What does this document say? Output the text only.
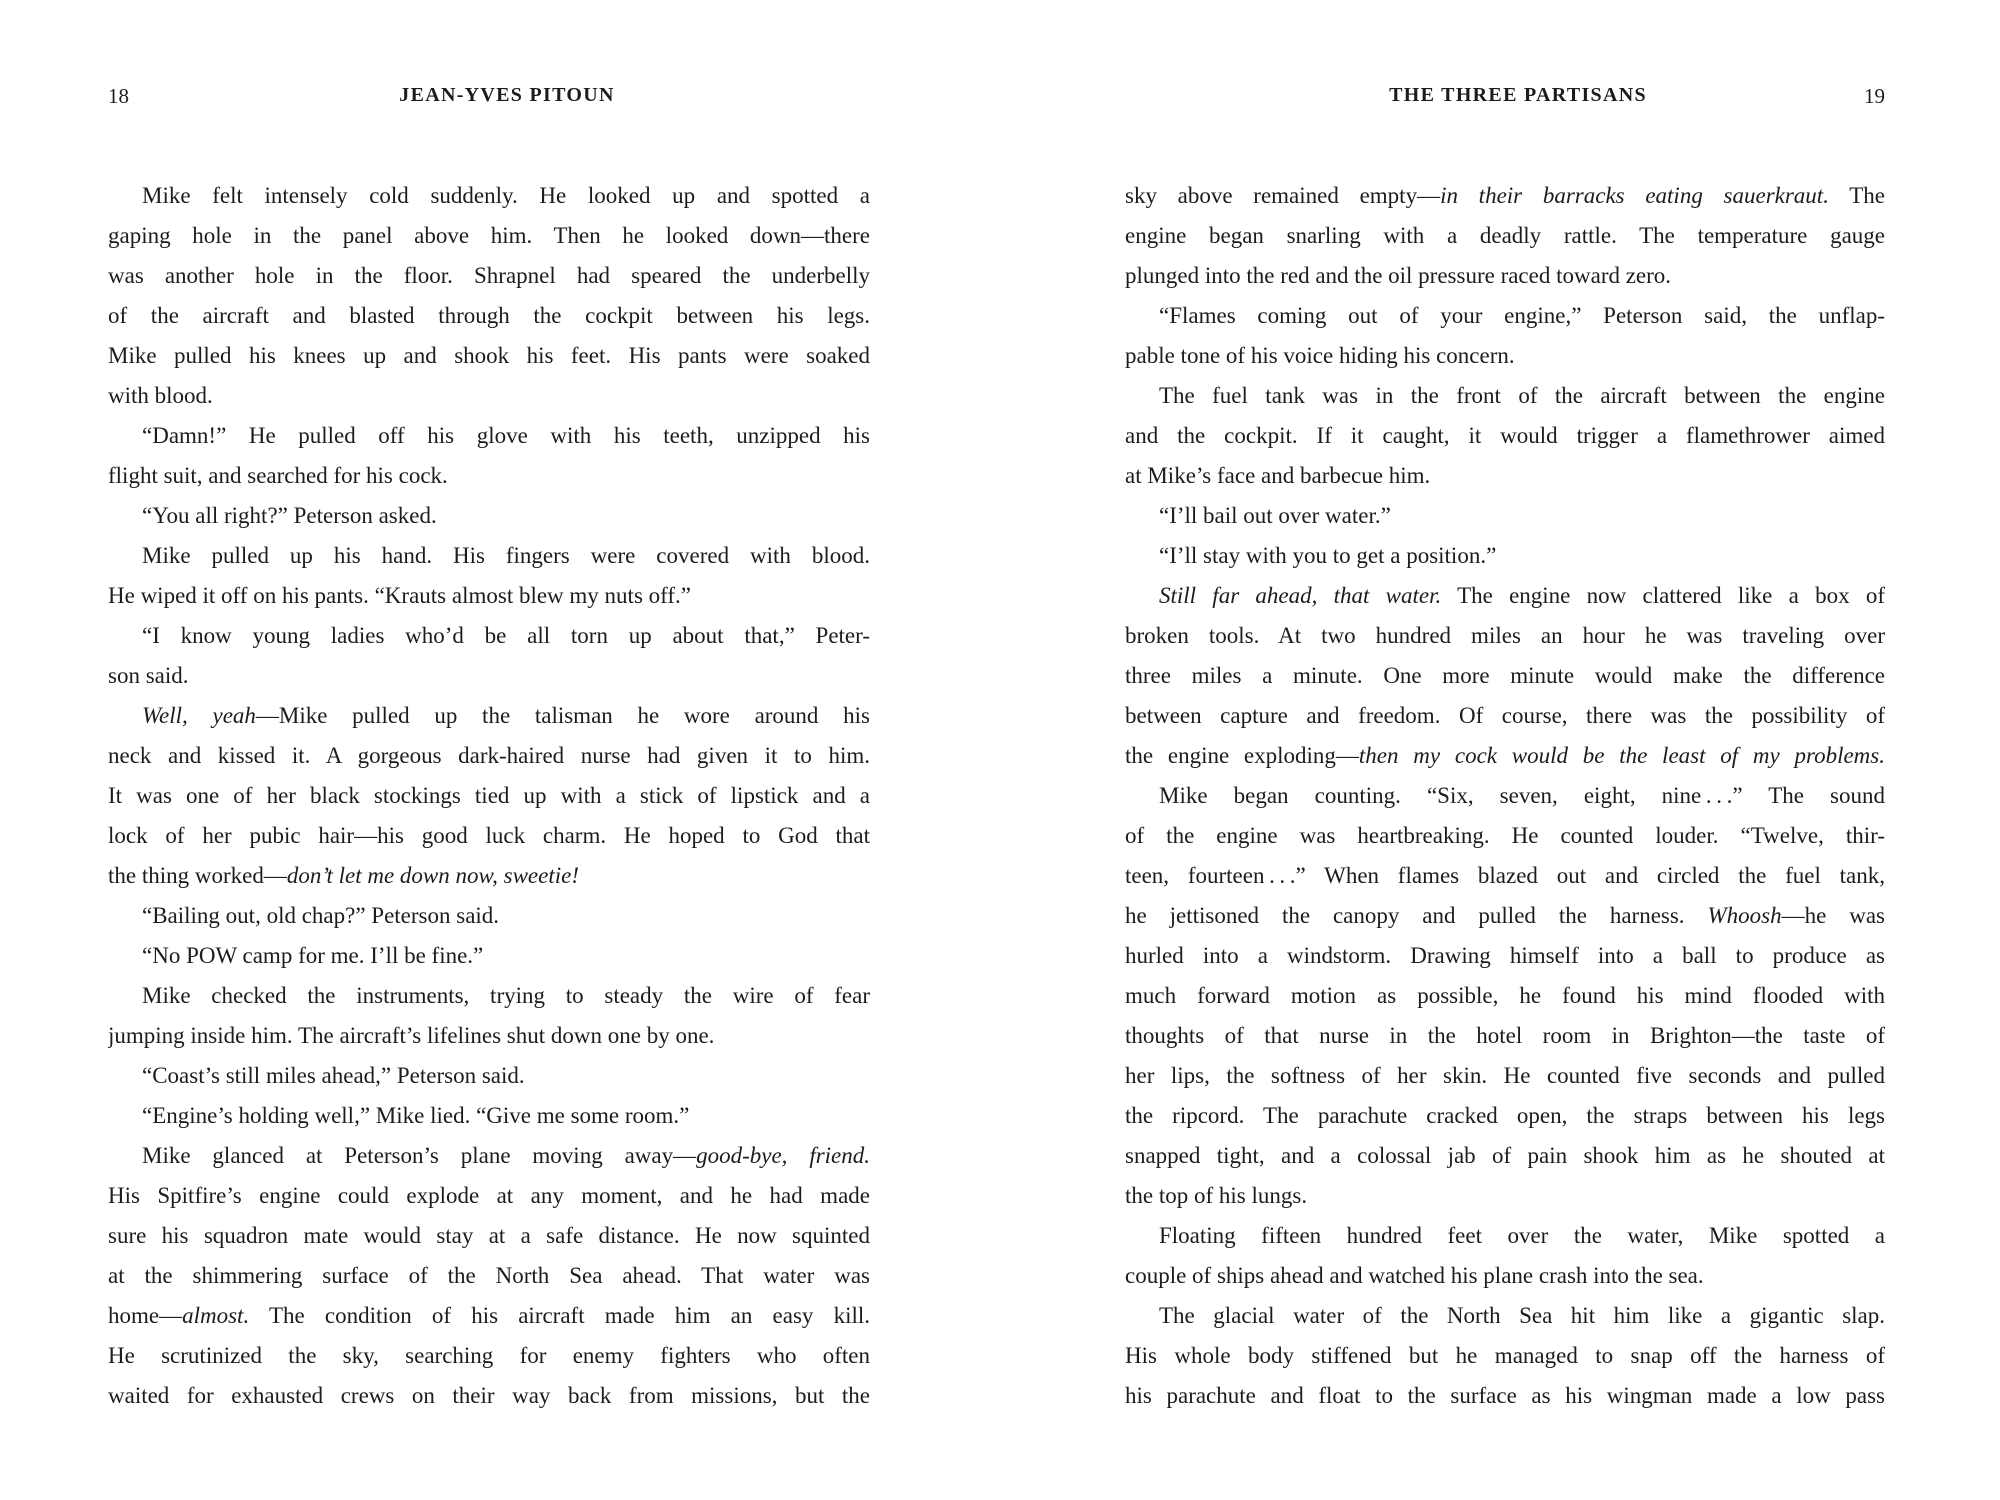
18	JEAN-YVES PITOUN
Mike felt intensely cold suddenly. He looked up and spotted a
gaping hole in the panel above him. Then he looked down—there
was another hole in the floor. Shrapnel had speared the underbelly
of the aircraft and blasted through the cockpit between his legs.
Mike pulled his knees up and shook his feet. His pants were soaked
with blood.
“Damn!” He pulled off his glove with his teeth, unzipped his
flight suit, and searched for his cock.
“You all right?” Peterson asked.
Mike pulled up his hand. His fingers were covered with blood.
He wiped it off on his pants. “Krauts almost blew my nuts off.”
“I know young ladies who’d be all torn up about that,” Peter-
son said.
Well, yeah—Mike pulled up the talisman he wore around his
neck and kissed it. A gorgeous dark-haired nurse had given it to him.
It was one of her black stockings tied up with a stick of lipstick and a
lock of her pubic hair—his good luck charm. He hoped to God that
the thing worked—don’t let me down now, sweetie!
“Bailing out, old chap?” Peterson said.
“No POW camp for me. I’ll be fine.”
Mike checked the instruments, trying to steady the wire of fear
jumping inside him. The aircraft’s lifelines shut down one by one.
“Coast’s still miles ahead,” Peterson said.
“Engine’s holding well,” Mike lied. “Give me some room.”
Mike glanced at Peterson’s plane moving away—good-bye, friend.
His Spitfire’s engine could explode at any moment, and he had made
sure his squadron mate would stay at a safe distance. He now squinted
at the shimmering surface of the North Sea ahead. That water was
home—almost. The condition of his aircraft made him an easy kill.
He scrutinized the sky, searching for enemy fighters who often
waited for exhausted crews on their way back from missions, but the
THE THREE PARTISANS	19
sky above remained empty—in their barracks eating sauerkraut. The
engine began snarling with a deadly rattle. The temperature gauge
plunged into the red and the oil pressure raced toward zero.
“Flames coming out of your engine,” Peterson said, the unflap-
pable tone of his voice hiding his concern.
The fuel tank was in the front of the aircraft between the engine
and the cockpit. If it caught, it would trigger a flamethrower aimed
at Mike’s face and barbecue him.
“I’ll bail out over water.”
“I’ll stay with you to get a position.”
Still far ahead, that water. The engine now clattered like a box of
broken tools. At two hundred miles an hour he was traveling over
three miles a minute. One more minute would make the difference
between capture and freedom. Of course, there was the possibility of
the engine exploding—then my cock would be the least of my problems.
Mike began counting. “Six, seven, eight, nine . . .” The sound
of the engine was heartbreaking. He counted louder. “Twelve, thir-
teen, fourteen . . .” When flames blazed out and circled the fuel tank,
he jettisoned the canopy and pulled the harness. Whoosh—he was
hurled into a windstorm. Drawing himself into a ball to produce as
much forward motion as possible, he found his mind flooded with
thoughts of that nurse in the hotel room in Brighton—the taste of
her lips, the softness of her skin. He counted five seconds and pulled
the ripcord. The parachute cracked open, the straps between his legs
snapped tight, and a colossal jab of pain shook him as he shouted at
the top of his lungs.
Floating fifteen hundred feet over the water, Mike spotted a
couple of ships ahead and watched his plane crash into the sea.
The glacial water of the North Sea hit him like a gigantic slap.
His whole body stiffened but he managed to snap off the harness of
his parachute and float to the surface as his wingman made a low pass
